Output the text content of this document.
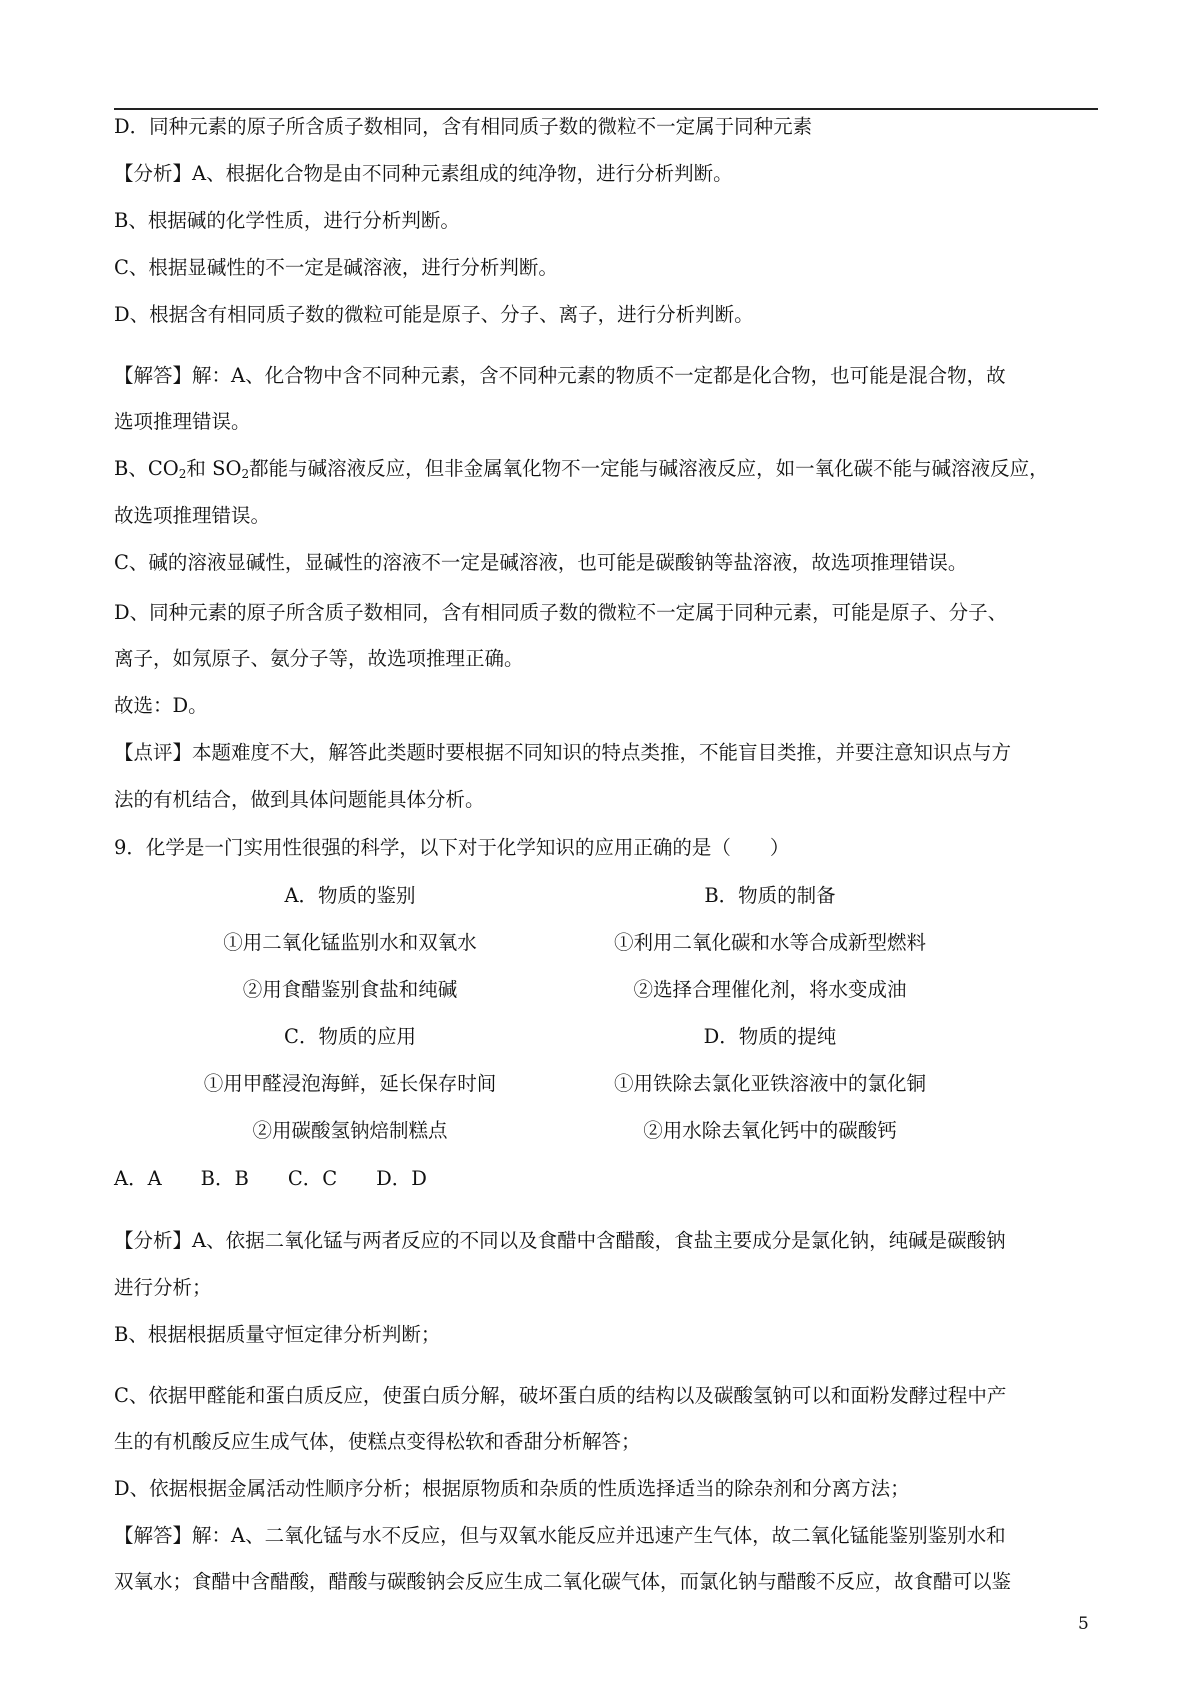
D．同种元素的原子所含质子数相同，含有相同质子数的微粒不一定属于同种元素
【分析】A、根据化合物是由不同种元素组成的纯净物，进行分析判断。
B、根据碱的化学性质，进行分析判断。
C、根据显碱性的不一定是碱溶液，进行分析判断。
D、根据含有相同质子数的微粒可能是原子、分子、离子，进行分析判断。
【解答】解：A、化合物中含不同种元素，含不同种元素的物质不一定都是化合物，也可能是混合物，故
选项推理错误。
B、$CO_2$和 $SO_2$都能与碱溶液反应，但非金属氧化物不一定能与碱溶液反应，如一氧化碳不能与碱溶液反应，
故选项推理错误。
C、碱的溶液显碱性，显碱性的溶液不一定是碱溶液，也可能是碳酸钠等盐溶液，故选项推理错误。
D、同种元素的原子所含质子数相同，含有相同质子数的微粒不一定属于同种元素，可能是原子、分子、
离子，如氖原子、氨分子等，故选项推理正确。
故选：D。
【点评】本题难度不大，解答此类题时要根据不同知识的特点类推，不能盲目类推，并要注意知识点与方
法的有机结合，做到具体问题能具体分析。
9．化学是一门实用性很强的科学，以下对于化学知识的应用正确的是（　　）
A．物质的鉴别	B．物质的制备
①用二氧化锰监别水和双氧水	①利用二氧化碳和水等合成新型燃料
②用食醋鉴别食盐和纯碱	②选择合理催化剂，将水变成油
C．物质的应用	D．物质的提纯
①用甲醛浸泡海鲜，延长保存时间	①用铁除去氯化亚铁溶液中的氯化铜
②用碳酸氢钠焙制糕点	②用水除去氧化钙中的碳酸钙
A．A　　B．B　　C．C　　D．D
【分析】A、依据二氧化锰与两者反应的不同以及食醋中含醋酸，食盐主要成分是氯化钠，纯碱是碳酸钠
进行分析；
B、根据根据质量守恒定律分析判断；
C、依据甲醛能和蛋白质反应，使蛋白质分解，破坏蛋白质的结构以及碳酸氢钠可以和面粉发酵过程中产
生的有机酸反应生成气体，使糕点变得松软和香甜分析解答；
D、依据根据金属活动性顺序分析；根据原物质和杂质的性质选择适当的除杂剂和分离方法；
【解答】解：A、二氧化锰与水不反应，但与双氧水能反应并迅速产生气体，故二氧化锰能鉴别鉴别水和
双氧水；食醋中含醋酸，醋酸与碳酸钠会反应生成二氧化碳气体，而氯化钠与醋酸不反应，故食醋可以鉴
5
